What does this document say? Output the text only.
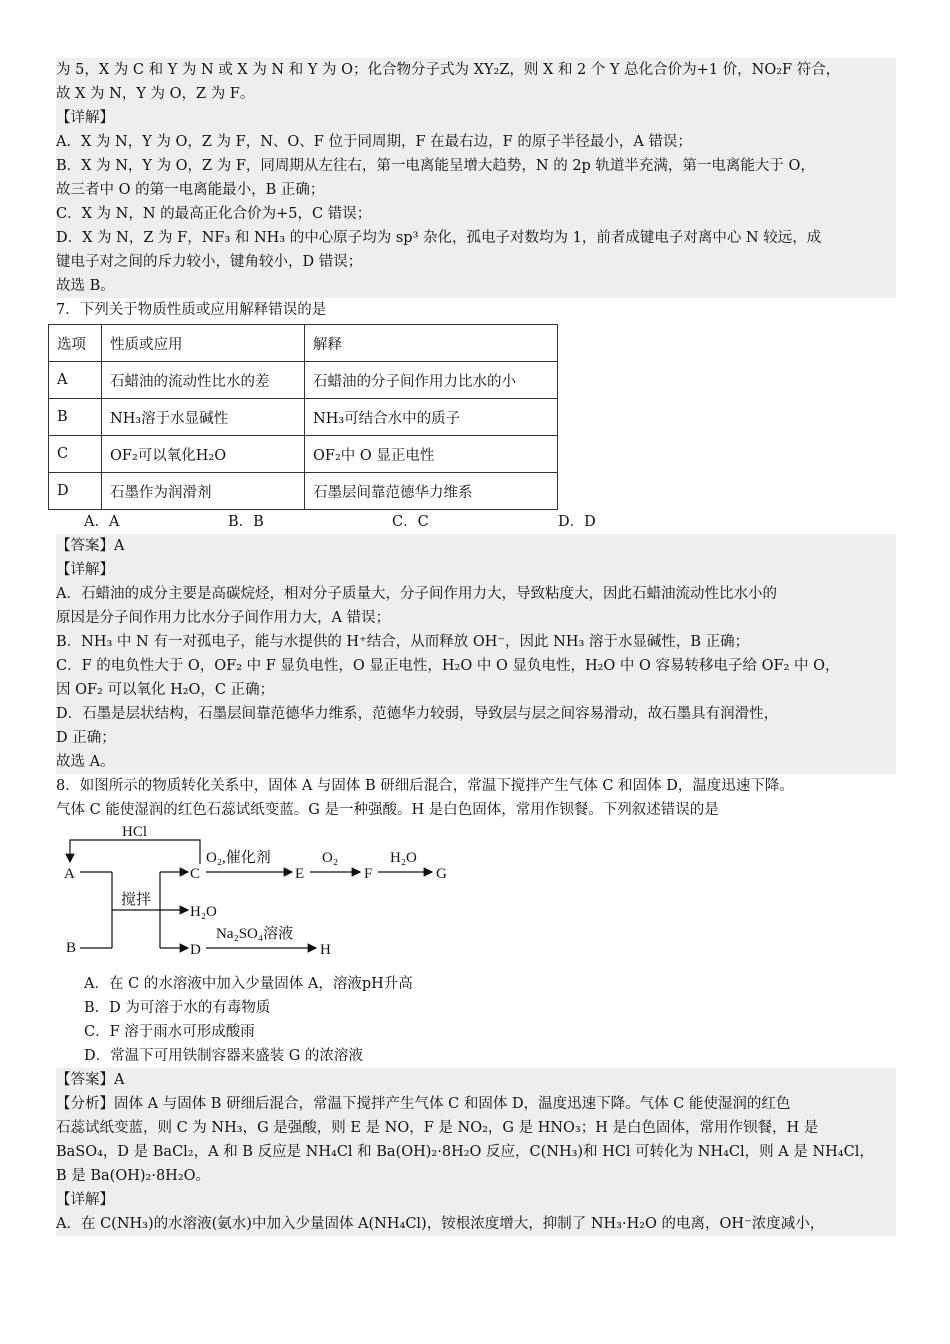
为 5，X 为 C 和 Y 为 N 或 X 为 N 和 Y 为 O；化合物分子式为 XY₂Z，则 X 和 2 个 Y 总化合价为+1 价，NO₂F 符合，
故 X 为 N，Y 为 O，Z 为 F。
【详解】
A．X 为 N，Y 为 O，Z 为 F，N、O、F 位于同周期，F 在最右边，F 的原子半径最小，A 错误；
B．X 为 N，Y 为 O，Z 为 F，同周期从左往右，第一电离能呈增大趋势，N 的 2p 轨道半充满，第一电离能大于 O，
故三者中 O 的第一电离能最小，B 正确；
C．X 为 N，N 的最高正化合价为+5，C 错误；
D．X 为 N，Z 为 F，NF₃ 和 NH₃ 的中心原子均为 sp³ 杂化，孤电子对数均为 1，前者成键电子对离中心 N 较远，成
键电子对之间的斥力较小，键角较小，D 错误；
故选 B。
7．下列关于物质性质或应用解释错误的是
选项	性质或应用	解释
A	石蜡油的流动性比水的差	石蜡油的分子间作用力比水的小
B	NH₃溶于水显碱性	NH₃可结合水中的质子
C	OF₂可以氧化H₂O	OF₂中 O 显正电性
D	石墨作为润滑剂	石墨层间靠范德华力维系
A．A	B．B	C．C	D．D
【答案】A
【详解】
A．石蜡油的成分主要是高碳烷烃，相对分子质量大，分子间作用力大，导致粘度大，因此石蜡油流动性比水小的
原因是分子间作用力比水分子间作用力大，A 错误；
B．NH₃ 中 N 有一对孤电子，能与水提供的 H⁺结合，从而释放 OH⁻，因此 NH₃ 溶于水显碱性，B 正确；
C．F 的电负性大于 O，OF₂ 中 F 显负电性，O 显正电性，H₂O 中 O 显负电性，H₂O 中 O 容易转移电子给 OF₂ 中 O，
因 OF₂ 可以氧化 H₂O，C 正确；
D．石墨是层状结构，石墨层间靠范德华力维系，范德华力较弱，导致层与层之间容易滑动，故石墨具有润滑性，
D 正确；
故选 A。
8．如图所示的物质转化关系中，固体 A 与固体 B 研细后混合，常温下搅拌产生气体 C 和固体 D，温度迅速下降。
气体 C 能使湿润的红色石蕊试纸变蓝。G 是一种强酸。H 是白色固体，常用作钡餐。下列叙述错误的是
HCl
A
B
搅拌
C
H₂O
D
O₂,催化剂
E
O₂
F
H₂O
G
Na₂SO₄溶液
H
A．在 C 的水溶液中加入少量固体 A，溶液pH升高
B．D 为可溶于水的有毒物质
C．F 溶于雨水可形成酸雨
D．常温下可用铁制容器来盛装 G 的浓溶液
【答案】A
【分析】固体 A 与固体 B 研细后混合，常温下搅拌产生气体 C 和固体 D，温度迅速下降。气体 C 能使湿润的红色
石蕊试纸变蓝，则 C 为 NH₃，G 是强酸，则 E 是 NO，F 是 NO₂，G 是 HNO₃；H 是白色固体，常用作钡餐，H 是
BaSO₄，D 是 BaCl₂，A 和 B 反应是 NH₄Cl 和 Ba(OH)₂·8H₂O 反应，C(NH₃)和 HCl 可转化为 NH₄Cl，则 A 是 NH₄Cl，
B 是 Ba(OH)₂·8H₂O。
【详解】
A．在 C(NH₃)的水溶液(氨水)中加入少量固体 A(NH₄Cl)，铵根浓度增大，抑制了 NH₃·H₂O 的电离，OH⁻浓度减小，
